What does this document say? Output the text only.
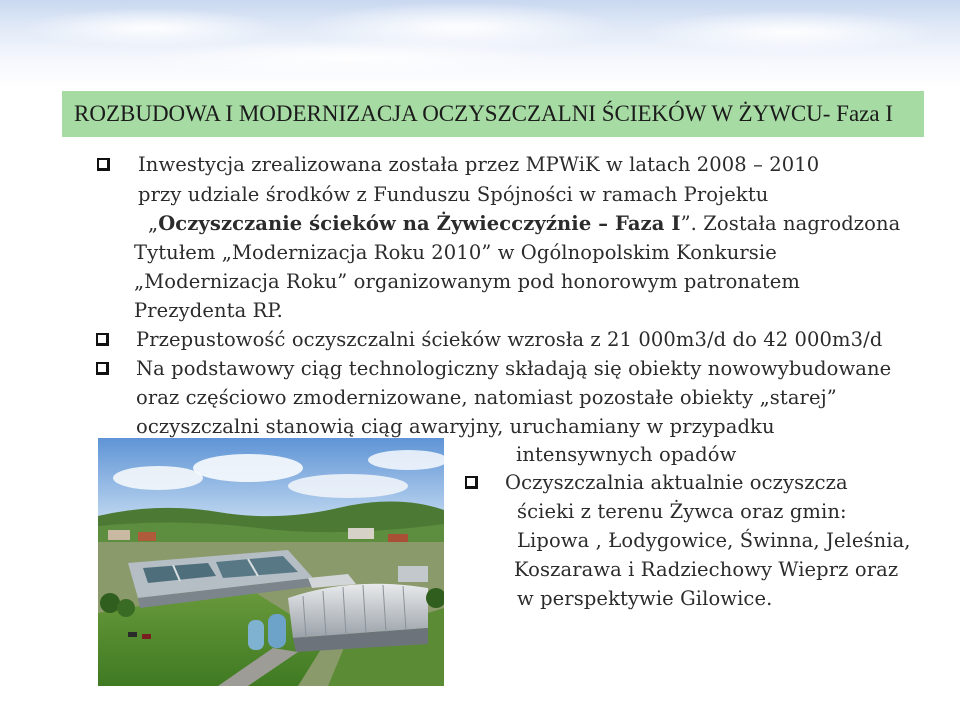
ROZBUDOWA I MODERNIZACJA OCZYSZCZALNI ŚCIEKÓW W ŻYWCU- Faza I
Inwestycja zrealizowana została przez MPWiK w latach 2008 – 2010
przy udziale środków z Funduszu Spójności w ramach Projektu
„Oczyszczanie ścieków na Żywiecczyźnie – Faza I”. Została nagrodzona
Tytułem „Modernizacja Roku 2010” w Ogólnopolskim Konkursie
„Modernizacja Roku” organizowanym pod honorowym patronatem
Prezydenta RP.
Przepustowość oczyszczalni ścieków wzrosła z 21 000m3/d do 42 000m3/d
Na podstawowy ciąg technologiczny składają się obiekty nowowybudowane
oraz częściowo zmodernizowane, natomiast pozostałe obiekty „starej”
oczyszczalni stanowią ciąg awaryjny, uruchamiany w przypadku
intensywnych opadów
Oczyszczalnia aktualnie oczyszcza
ścieki z terenu Żywca oraz gmin:
Lipowa , Łodygowice, Świnna, Jeleśnia,
Koszarawa i Radziechowy Wieprz oraz
w perspektywie Gilowice.
